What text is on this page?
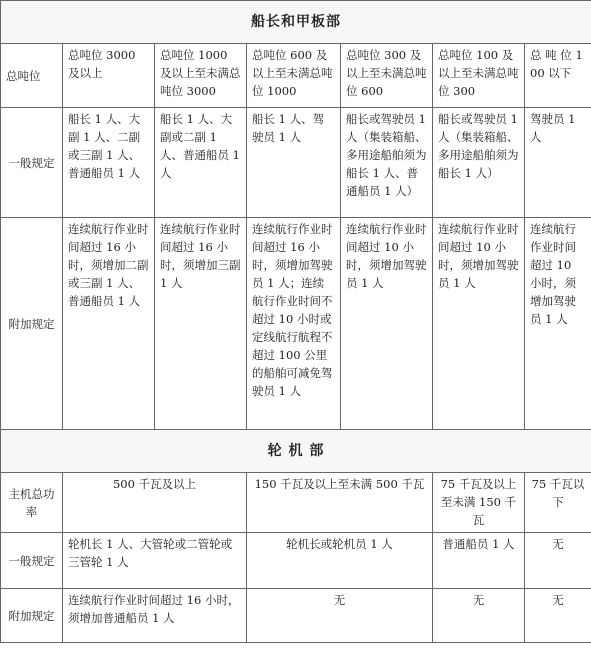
船长和甲板部						
总吨位	总吨位 3000 及以上	总吨位 1000 及以上至未满总吨位 3000	总吨位 600 及以上至未满总吨位 1000	总吨位 300 及以上至未满总吨位 600	总吨位 100 及以上至未满总吨位 300	总 吨 位 100 以下
一般规定	船长 1 人、大副 1 人、二副或三副 1 人、普通船员 1 人	船长 1 人、大副或二副 1 人、普通船员 1 人	船长 1 人、驾驶员 1 人	船长或驾驶员 1 人（集装箱船、多用途船舶须为船长 1 人、普通船员 1 人）	船长或驾驶员 1 人（集装箱船、多用途船舶须为船长 1 人）	驾驶员 1 人
附加规定	连续航行作业时间超过 16 小时，须增加二副或三副 1 人、普通船员 1 人	连续航行作业时间超过 16 小时，须增加三副 1 人	连续航行作业时间超过 16 小时，须增加驾驶员 1 人；连续航行作业时间不超过 10 小时或定线航行航程不超过 100 公里的船舶可减免驾驶员 1 人	连续航行作业时间超过 10 小时，须增加驾驶员 1 人	连续航行作业时间超过 10 小时，须增加驾驶员 1 人	连续航行作业时间超过 10 小时，须增加驾驶员 1 人
轮 机 部						
主机总功率	500 千瓦及以上		150 千瓦及以上至未满 500 千瓦		75 千瓦及以上至未满 150 千瓦	75 千瓦以下
一般规定	轮机长 1 人、大管轮或二管轮或三管轮 1 人		轮机长或轮机员 1 人		普通船员 1 人	无
附加规定	连续航行作业时间超过 16 小时，须增加普通船员 1 人		无		无	无
